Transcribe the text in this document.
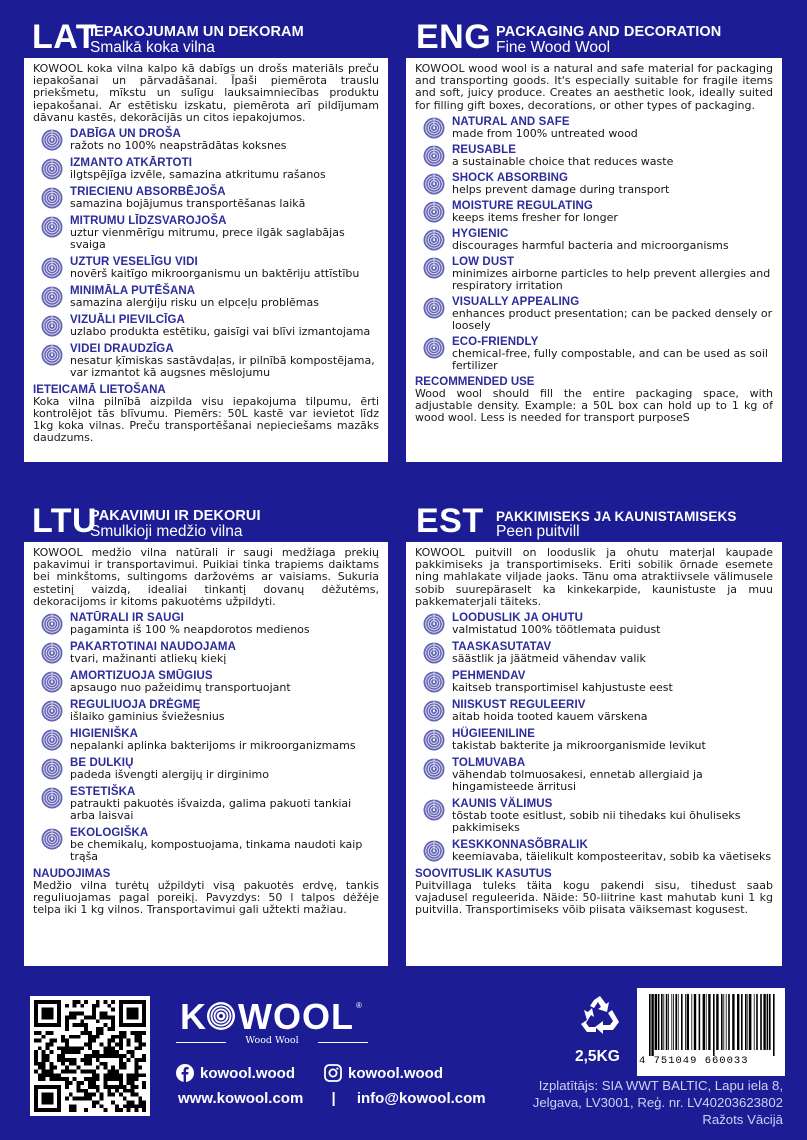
LAT
IEPAKOJUMAM UN DEKORAM
Smalkā koka vilna
KOWOOL koka vilna kalpo kā dabīgs un drošs materiāls preču iepakošanai un pārvadāšanai. Īpaši piemērota trauslu priekšmetu, mīkstu un sulīgu lauksaimniecības produktu iepakošanai. Ar estētisku izskatu, piemērota arī pildījumam dāvanu kastēs, dekorācijās un citos iepakojumos.
DABĪGA UN DROŠA
ražots no 100% neapstrādātas koksnes
IZMANTO ATKĀRTOTI
ilgtspējīga izvēle, samazina atkritumu rašanos
TRIECIENU ABSORBĒJOŠA
samazina bojājumus transportēšanas laikā
MITRUMU LĪDZSVAROJOŠA
uztur vienmērīgu mitrumu, prece ilgāk saglabājas svaiga
UZTUR VESELĪGU VIDI
novērš kaitīgo mikroorganismu un baktēriju attīstību
MINIMĀLA PUTĒŠANA
samazina alerģiju risku un elpceļu problēmas
VIZUĀLI PIEVILCĪGA
uzlabo produkta estētiku, gaisīgi vai blīvi izmantojama
VIDEI DRAUDZĪGA
nesatur ķīmiskas sastāvdaļas, ir pilnībā kompostējama, var izmantot kā augsnes mēslojumu
IETEICAMĀ LIETOŠANA
Koka vilna pilnībā aizpilda visu iepakojuma tilpumu, ērti kontrolējot tās blīvumu. Piemērs: 50L kastē var ievietot līdz 1kg koka vilnas. Preču transportēšanai nepieciešams mazāks daudzums.
ENG PACKAGING AND DECORATION
Fine Wood Wool
KOWOOL wood wool is a natural and safe material for packaging and transporting goods. It's especially suitable for fragile items and soft, juicy produce. Creates an aesthetic look, ideally suited for filling gift boxes, decorations, or other types of packaging.
NATURAL AND SAFE
made from 100% untreated wood
REUSABLE
a sustainable choice that reduces waste
SHOCK ABSORBING
helps prevent damage during transport
MOISTURE REGULATING
keeps items fresher for longer
HYGIENIC
discourages harmful bacteria and microorganisms
LOW DUST
minimizes airborne particles to help prevent allergies and respiratory irritation
VISUALLY APPEALING
enhances product presentation; can be packed densely or loosely
ECO-FRIENDLY
chemical-free, fully compostable, and can be used as soil fertilizer
RECOMMENDED USE
Wood wool should fill the entire packaging space, with adjustable density. Example: a 50L box can hold up to 1 kg of wood wool. Less is needed for transport purposeS
LTU
PAKAVIMUI IR DEKORUI
Smulkioji medžio vilna
KOWOOL medžio vilna natūrali ir saugi medžiaga prekių pakavimui ir transportavimui. Puikiai tinka trapiems daiktams bei minkštoms, sultingoms daržovėms ar vaisiams. Sukuria estetinį vaizdą, idealiai tinkantį dovanų dėžutėms, dekoracijoms ir kitoms pakuotėms užpildyti.
NATŪRALI IR SAUGI
pagaminta iš 100 % neapdorotos medienos
PAKARTOTINAI NAUDOJAMA
tvari, mažinanti atliekų kiekį
AMORTIZUOJA SMŪGIUS
apsaugo nuo pažeidimų transportuojant
REGULIUOJA DRĖGMĘ
išlaiko gaminius šviežesnius
HIGIENIŠKA
nepalanki aplinka bakterijoms ir mikroorganizmams
BE DULKIŲ
padeda išvengti alergijų ir dirginimo
ESTETIŠKA
patraukti pakuotės išvaizda, galima pakuoti tankiai arba laisvai
EKOLOGIŠKA
be chemikalų, kompostuojama, tinkama naudoti kaip trąša
NAUDOJIMAS
Medžio vilna turėtų užpildyti visą pakuotės erdvę, tankis reguliuojamas pagal poreikį. Pavyzdys: 50 l talpos dėžėje telpa iki 1 kg vilnos. Transportavimui gali užtekti mažiau.
EST PAKKIMISEKS JA KAUNISTAMISEKS
Peen puitvill
KOWOOL puitvill on looduslik ja ohutu materjal kaupade pakkimiseks ja transportimiseks. Eriti sobilik õrnade esemete ning mahlakate viljade jaoks. Tänu oma atraktiivsele välimusele sobib suurepäraselt ka kinkekarpide, kaunistuste ja muu pakkematerjali täiteks.
LOODUSLIK JA OHUTU
valmistatud 100% töötlemata puidust
TAASKASUTATAV
säästlik ja jäätmeid vähendav valik
PEHMENDAV
kaitseb transportimisel kahjustuste eest
NIISKUST REGULEERIV
aitab hoida tooted kauem värskena
HÜGIEENILINE
takistab bakterite ja mikroorganismide levikut
TOLMUVABA
vähendab tolmuosakesi, ennetab allergiaid ja hingamisteede ärritusi
KAUNIS VÄLIMUS
tõstab toote esitlust, sobib nii tihedaks kui õhuliseks pakkimiseks
KESKKONNASÕBRALIK
keemiavaba, täielikult komposteeritav, sobib ka väetiseks
SOOVITUSLIK KASUTUS
Puitvillaga tuleks täita kogu pakendi sisu, tihedust saab vajadusel reguleerida. Näide: 50-liitrine kast mahutab kuni 1 kg puitvilla. Transportimiseks võib piisata väiksemast kogusest.
K WOOL ®
Wood Wool
kowool.wood	kowool.wood
www.kowool.com | info@kowool.com
2,5KG 4 751049 660033
Izplatītājs: SIA WWT BALTIC, Lapu iela 8,
Jelgava, LV3001, Reģ. nr. LV40203623802
Ražots Vācijā
